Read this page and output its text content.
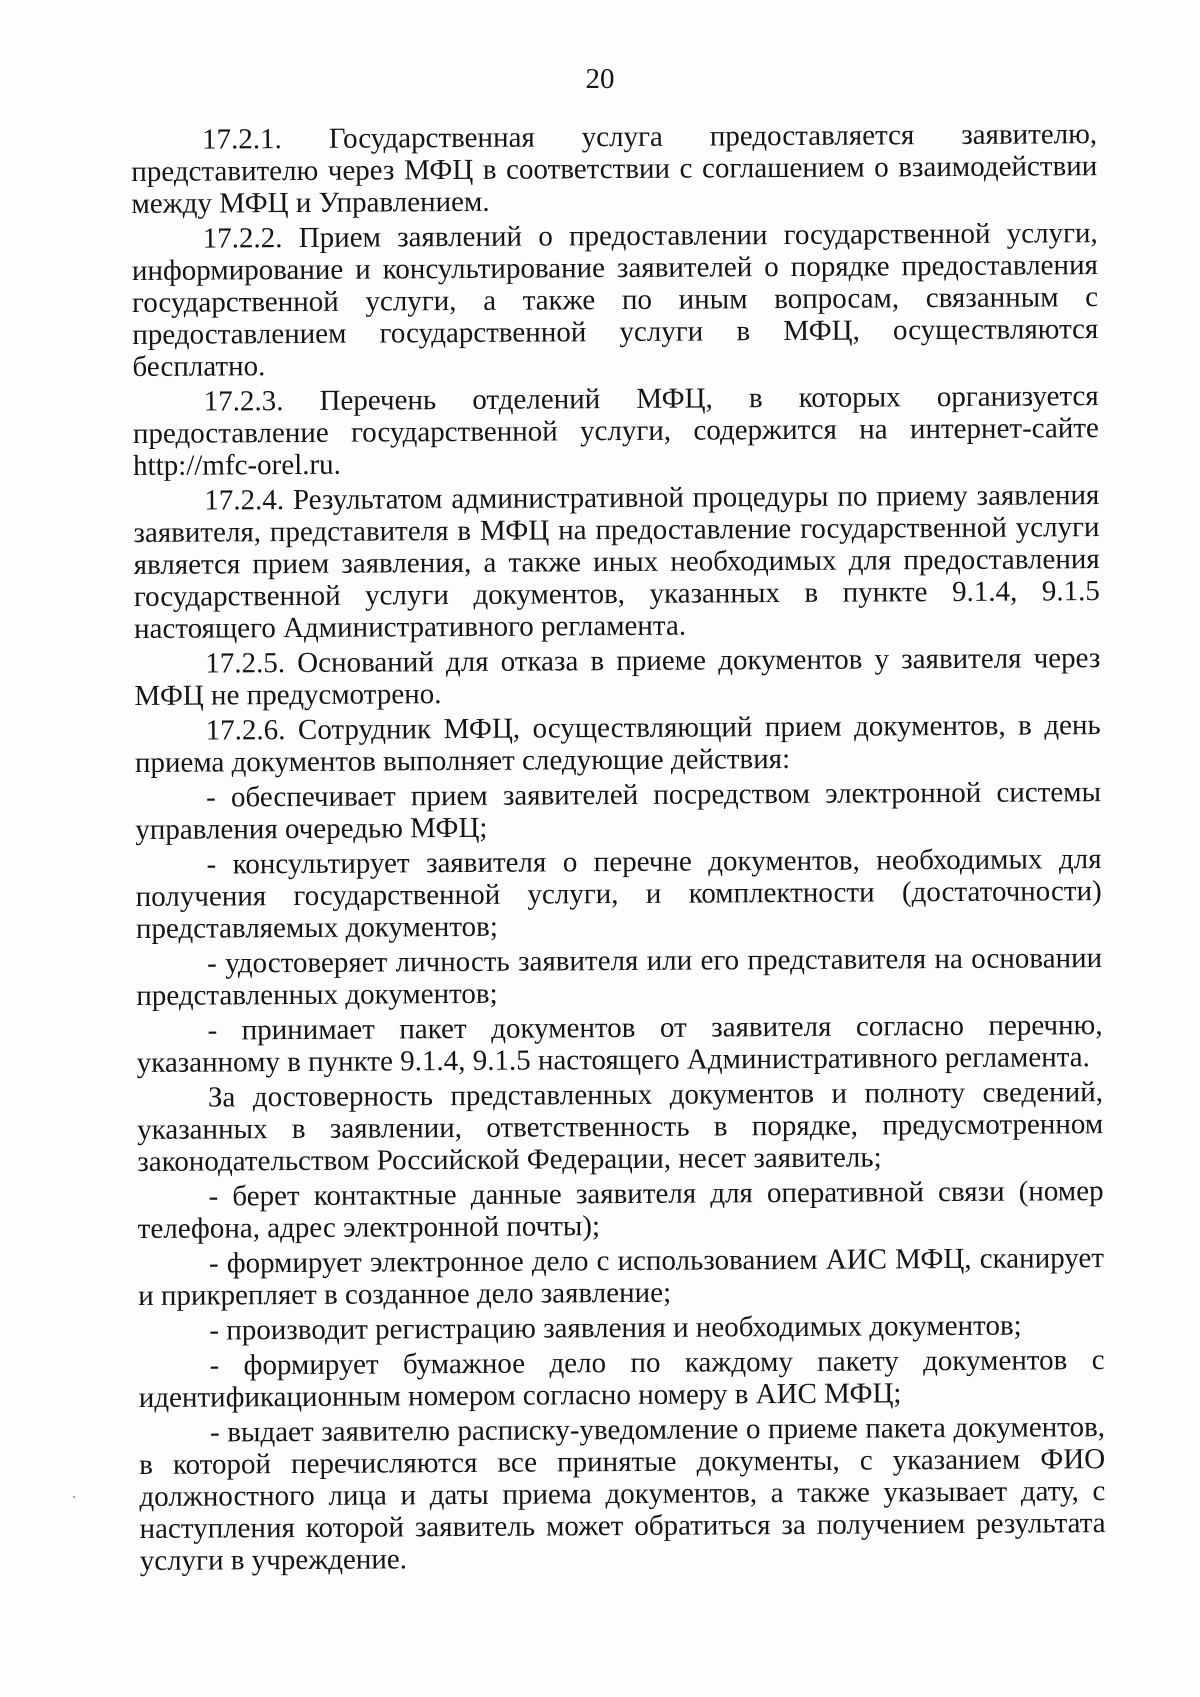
20

17.2.1. Государственная услуга предоставляется заявителю, представителю через МФЦ в соответствии с соглашением о взаимодействии между МФЦ и Управлением.

17.2.2. Прием заявлений о предоставлении государственной услуги, информирование и консультирование заявителей о порядке предоставления государственной услуги, а также по иным вопросам, связанным с предоставлением государственной услуги в МФЦ, осуществляются бесплатно.

17.2.3. Перечень отделений МФЦ, в которых организуется предоставление государственной услуги, содержится на интернет-сайте http://mfc-orel.ru.

17.2.4. Результатом административной процедуры по приему заявления заявителя, представителя в МФЦ на предоставление государственной услуги является прием заявления, а также иных необходимых для предоставления государственной услуги документов, указанных в пункте 9.1.4, 9.1.5 настоящего Административного регламента.

17.2.5. Оснований для отказа в приеме документов у заявителя через МФЦ не предусмотрено.

17.2.6. Сотрудник МФЦ, осуществляющий прием документов, в день приема документов выполняет следующие действия:

- обеспечивает прием заявителей посредством электронной системы управления очередью МФЦ;

- консультирует заявителя о перечне документов, необходимых для получения государственной услуги, и комплектности (достаточности) представляемых документов;

- удостоверяет личность заявителя или его представителя на основании представленных документов;

- принимает пакет документов от заявителя согласно перечню, указанному в пункте 9.1.4, 9.1.5 настоящего Административного регламента.

За достоверность представленных документов и полноту сведений, указанных в заявлении, ответственность в порядке, предусмотренном законодательством Российской Федерации, несет заявитель;

- берет контактные данные заявителя для оперативной связи (номер телефона, адрес электронной почты);

- формирует электронное дело с использованием АИС МФЦ, сканирует и прикрепляет в созданное дело заявление;

- производит регистрацию заявления и необходимых документов;

- формирует бумажное дело по каждому пакету документов с идентификационным номером согласно номеру в АИС МФЦ;

- выдает заявителю расписку-уведомление о приеме пакета документов, в которой перечисляются все принятые документы, с указанием ФИО должностного лица и даты приема документов, а также указывает дату, с наступления которой заявитель может обратиться за получением результата услуги в учреждение.
